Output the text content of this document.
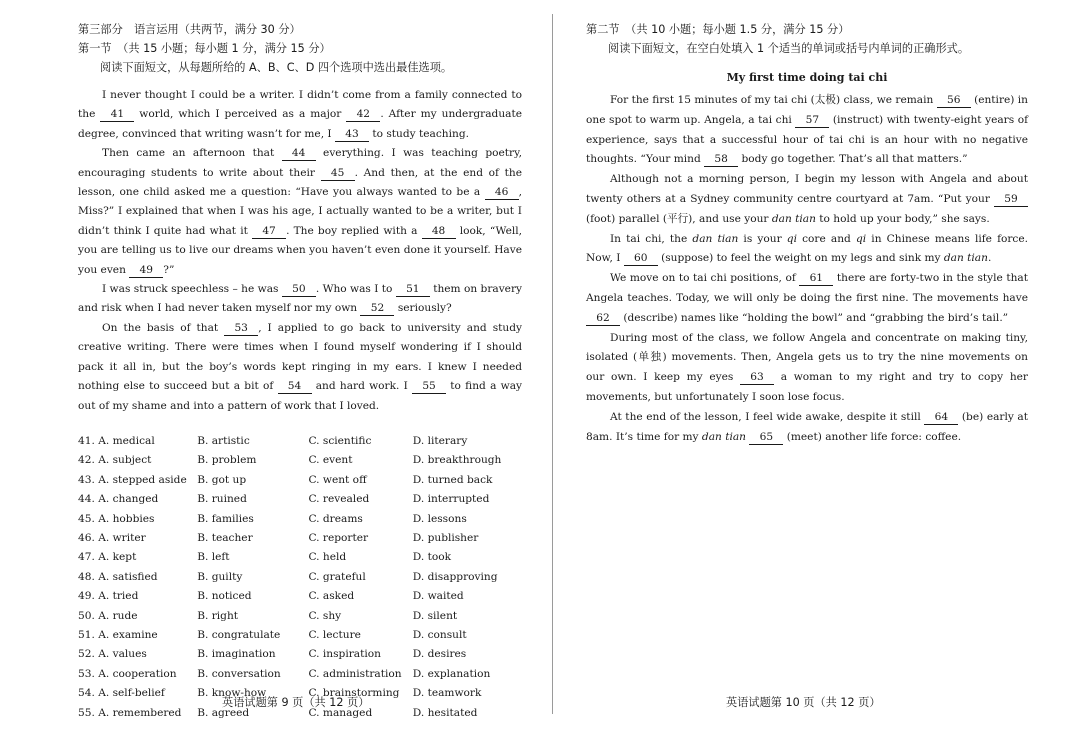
第三部分　语言运用（共两节，满分 30 分）
第一节　（共 15 小题；每小题 1 分，满分 15 分）
阅读下面短文，从每题所给的 A、B、C、D 四个选项中选出最佳选项。

I never thought I could be a writer. I didn’t come from a family connected to the 41 world, which I perceived as a major 42 . After my undergraduate degree, convinced that writing wasn’t for me, I 43 to study teaching.

Then came an afternoon that 44 everything. I was teaching poetry, encouraging students to write about their 45 . And then, at the end of the lesson, one child asked me a question: “Have you always wanted to be a 46 , Miss?” I explained that when I was his age, I actually wanted to be a writer, but I didn’t think I quite had what it 47 . The boy replied with a 48 look, “Well, you are telling us to live our dreams when you haven’t even done it yourself. Have you even 49 ?”

I was struck speechless – he was 50 . Who was I to 51 them on bravery and risk when I had never taken myself nor my own 52 seriously?

On the basis of that 53 , I applied to go back to university and study creative writing. There were times when I found myself wondering if I should pack it all in, but the boy’s words kept ringing in my ears. I knew I needed nothing else to succeed but a bit of 54 and hard work. I 55 to find a way out of my shame and into a pattern of work that I loved.

41. A. medical	B. artistic	C. scientific	D. literary
42. A. subject	B. problem	C. event	D. breakthrough
43. A. stepped aside B. got up	C. went off	D. turned back
44. A. changed	B. ruined	C. revealed	D. interrupted
45. A. hobbies	B. families	C. dreams	D. lessons
46. A. writer	B. teacher	C. reporter	D. publisher
47. A. kept	B. left	C. held	D. took
48. A. satisfied	B. guilty	C. grateful	D. disapproving
49. A. tried	B. noticed	C. asked	D. waited
50. A. rude	B. right	C. shy	D. silent
51. A. examine	B. congratulate	C. lecture	D. consult
52. A. values	B. imagination	C. inspiration	D. desires
53. A. cooperation	B. conversation	C. administration	D. explanation
54. A. self-belief	B. know-how	C. brainstorming	D. teamwork
55. A. remembered	B. agreed	C. managed	D. hesitated
英语试题第 9 页（共 12 页）
第二节　（共 10 小题；每小题 1.5 分，满分 15 分）
阅读下面短文，在空白处填入 1 个适当的单词或括号内单词的正确形式。
My first time doing tai chi

For the first 15 minutes of my tai chi (太极) class, we remain 56 (entire) in one spot to warm up. Angela, a tai chi 57 (instruct) with twenty-eight years of experience, says that a successful hour of tai chi is an hour with no negative thoughts. “Your mind 58 body go together. That’s all that matters.”

Although not a morning person, I begin my lesson with Angela and about twenty others at a Sydney community centre courtyard at 7am. “Put your 59 (foot) parallel (平行), and use your dan tian to hold up your body,” she says.

In tai chi, the dan tian is your qi core and qi in Chinese means life force. Now, I 60 (suppose) to feel the weight on my legs and sink my dan tian.

We move on to tai chi positions, of 61 there are forty-two in the style that Angela teaches. Today, we will only be doing the first nine. The movements have 62 (describe) names like “holding the bowl” and “grabbing the bird’s tail.”

During most of the class, we follow Angela and concentrate on making tiny, isolated (单独) movements. Then, Angela gets us to try the nine movements on our own. I keep my eyes 63 a woman to my right and try to copy her movements, but unfortunately I soon lose focus.

At the end of the lesson, I feel wide awake, despite it still 64 (be) early at 8am. It’s time for my dan tian 65 (meet) another life force: coffee.

英语试题第 10 页（共 12 页）
